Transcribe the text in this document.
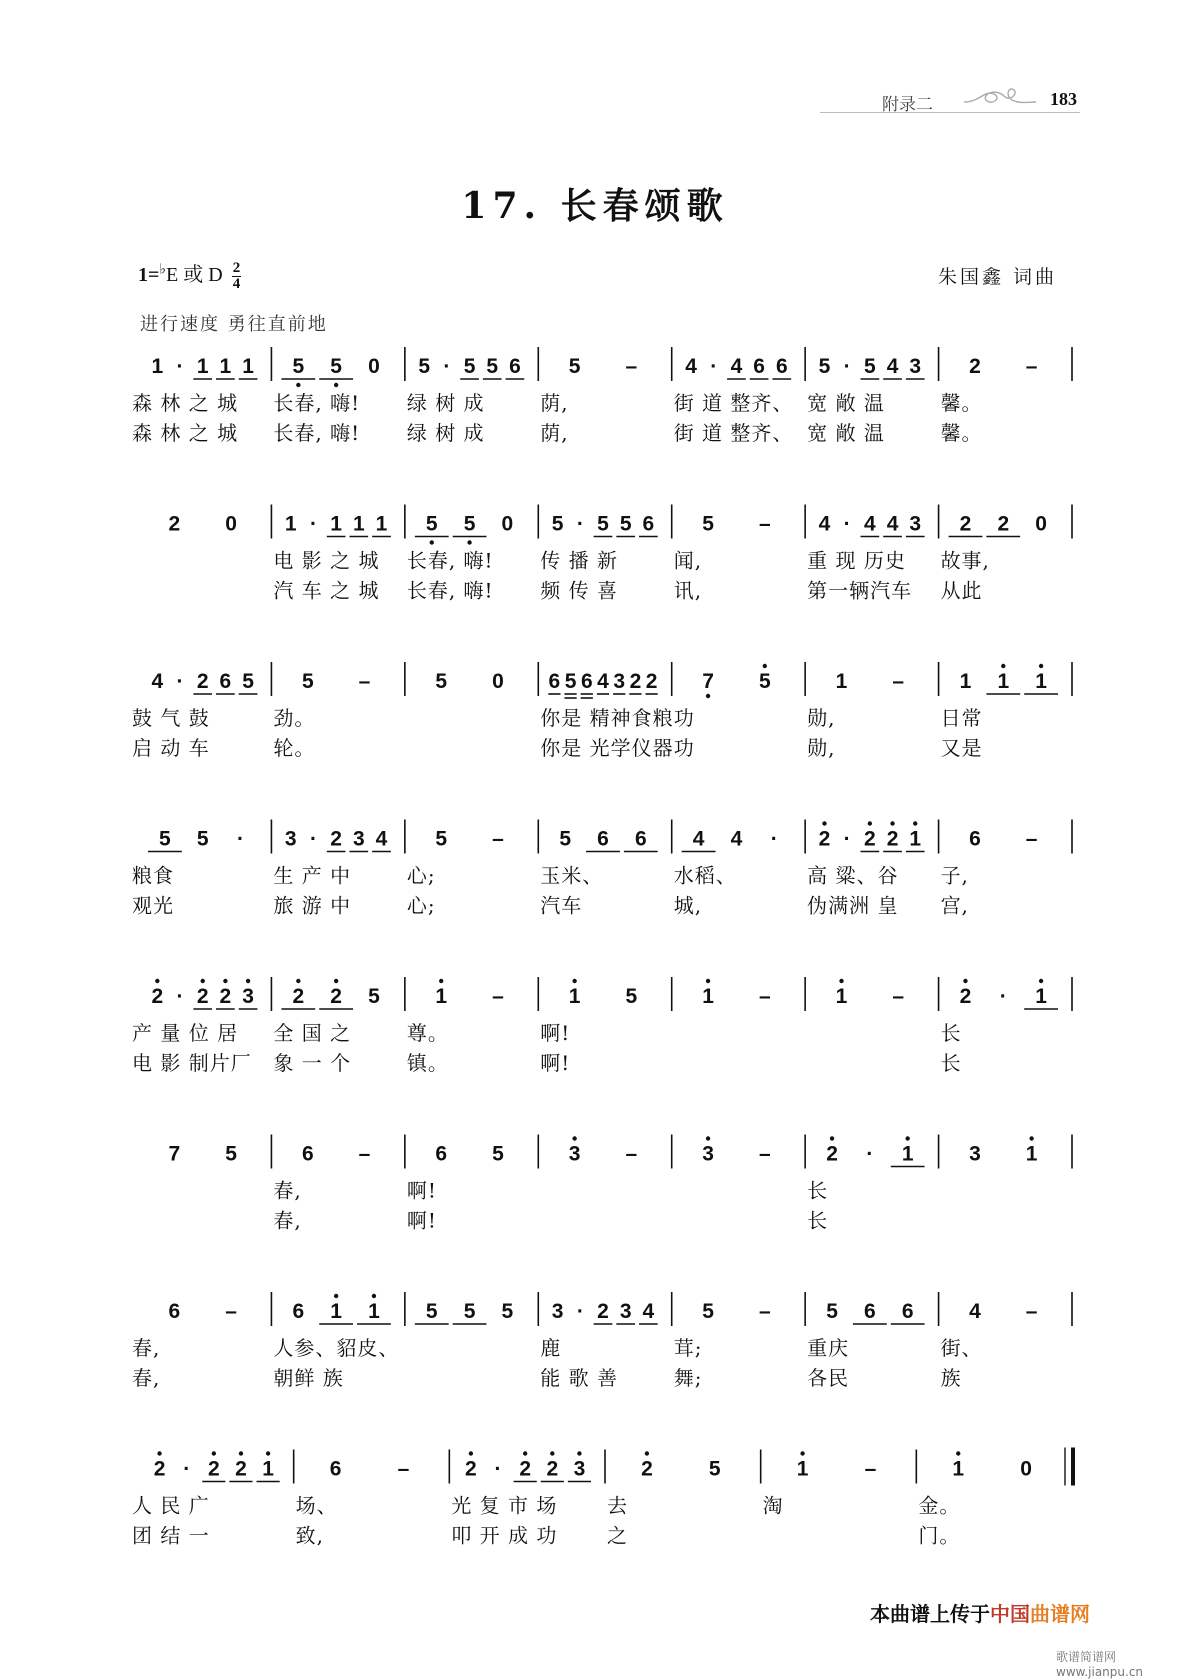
附录二	183
17. 长春颂歌
1=♭E 或 D $\frac{2}{4}$	朱国鑫 词曲
进行速度 勇往直前地
1 · 1 1 1 5 5 0 5 · 5 5 6 5 – 4 · 4 6 6 5 · 5 4 3 2 –
森 林 之 城 长春, 嗨! 绿 树 成	荫,	街 道 整齐、 宽 敞 温	馨。
森 林 之 城 长春, 嗨! 绿 树 成	荫,	街 道 整齐、 宽 敞 温	馨。
2 0 1 · 1 1 1 5 5 0 5 · 5 5 6 5 – 4 · 4 4 3 2 2 0
电 影 之 城 长春, 嗨! 传 播 新	闻,	重 现 历史 故事,
汽 车 之 城 长春, 嗨! 频 传 喜	讯,	第一辆汽车 从此
4 · 2 6 5 5 –	5 0 6 5 6 4 3 2 2 7 5	1 –	1 1 1
鼓 气 鼓	劲。	你是 精神食粮 功	勋,	日常
启 动 车	轮。	你是 光学仪器 功	勋,	又是
5 5 · 3 · 2 3 4 5 –	5 6 6 4 4 · 2 · 2 2 1 6 –
粮食	生 产 中	心;	玉米、	水稻、	高 粱、谷 子,
观光	旅 游 中	心;	汽车	城,	伪满洲 皇 宫,
2 · 2 2 3 2 2 5	1 –	1 5	1 –	1 –	2 · 1
产 量 位 居 全 国 之	尊。	啊!	长
电 影 制片厂 象 一 个	镇。	啊!	长
7 5	6 –	6 5	3 –	3 –	2 · 1	3 1
春,	啊!	长
春,	啊!	长
6 –	6 1 1 5 5 5 3 · 2 3 4 5 –	5 6 6	4 –
春,	人参、貂皮、	鹿	茸;	重庆	街、
春,	朝鲜 族	能 歌 善	舞;	各民	族
2 · 2 2 1	6	–	2 · 2 2 3	2	5	1	–	1	0
人 民 广	场、	光 复 市 场 去	淘	金。
团 结 一	致,	叩 开 成 功 之	门。
本曲谱上传于中国曲谱网
歌谱简谱网 www.jianpu.cn
